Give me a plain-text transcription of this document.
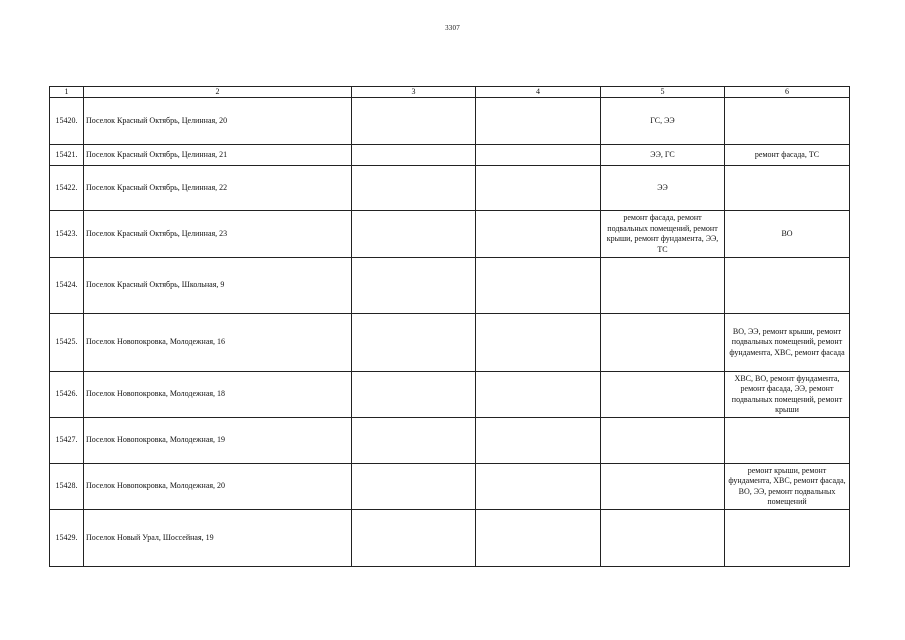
3307
1	2	3	4	5	6
15420.	Поселок Красный Октябрь, Целинная, 20			ГС, ЭЭ	
15421.	Поселок Красный Октябрь, Целинная, 21			ЭЭ, ГС	ремонт фасада, ТС
15422.	Поселок Красный Октябрь, Целинная, 22			ЭЭ	
15423.	Поселок Красный Октябрь, Целинная, 23			ремонт фасада, ремонт подвальных помещений, ремонт крыши, ремонт фундамента, ЭЭ, ТС	ВО
15424.	Поселок Красный Октябрь, Школьная, 9				
15425.	Поселок Новопокровка, Молодежная, 16				ВО, ЭЭ, ремонт крыши, ремонт подвальных помещений, ремонт фундамента, ХВС, ремонт фасада
15426.	Поселок Новопокровка, Молодежная, 18				ХВС, ВО, ремонт фундамента, ремонт фасада, ЭЭ, ремонт подвальных помещений, ремонт крыши
15427.	Поселок Новопокровка, Молодежная, 19				
15428.	Поселок Новопокровка, Молодежная, 20				ремонт крыши, ремонт фундамента, ХВС, ремонт фасада, ВО, ЭЭ, ремонт подвальных помещений
15429.	Поселок Новый Урал, Шоссейная, 19				
